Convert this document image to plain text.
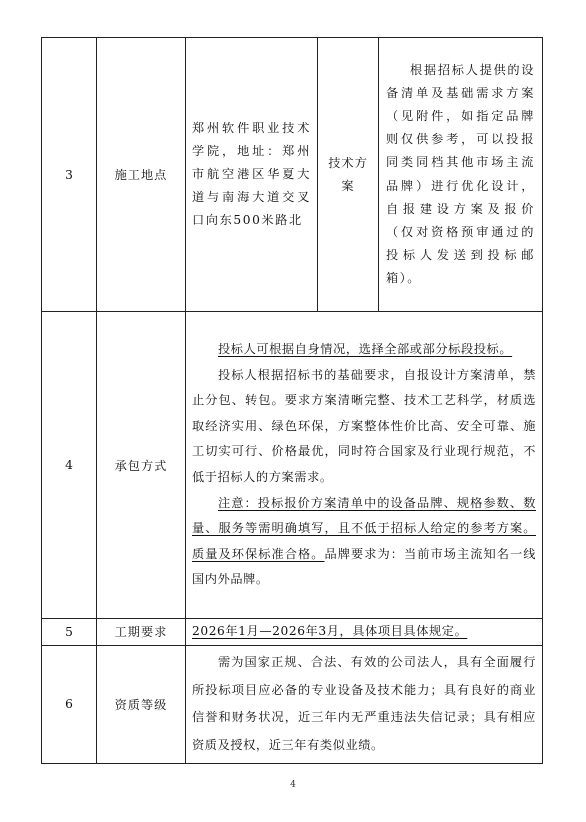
3	施工地点	郑州软件职业技术学院，地址：郑州市航空港区华夏大道与南海大道交叉口向东500米路北	技术方案	根据招标人提供的设备清单及基础需求方案（见附件，如指定品牌则仅供参考，可以投报同类同档其他市场主流品牌）进行优化设计，自报建设方案及报价（仅对资格预审通过的投标人发送到投标邮箱）。

4	承包方式	投标人可根据自身情况，选择全部或部分标段投标。

投标人根据招标书的基础要求，自报设计方案清单，禁止分包、转包。要求方案清晰完整、技术工艺科学，材质选取经济实用、绿色环保，方案整体性价比高、安全可靠、施工切实可行、价格最优，同时符合国家及行业现行规范，不低于招标人的方案需求。

注意：投标报价方案清单中的设备品牌、规格参数、数量、服务等需明确填写，且不低于招标人给定的参考方案。质量及环保标准合格。品牌要求为：当前市场主流知名一线国内外品牌。		

5	工期要求	2026年1月—2026年3月，具体项目具体规定。		
6	资质等级	需为国家正规、合法、有效的公司法人，具有全面履行所投标项目应必备的专业设备及技术能力；具有良好的商业信誉和财务状况，近三年内无严重违法失信记录；具有相应资质及授权，近三年有类似业绩。		

4
